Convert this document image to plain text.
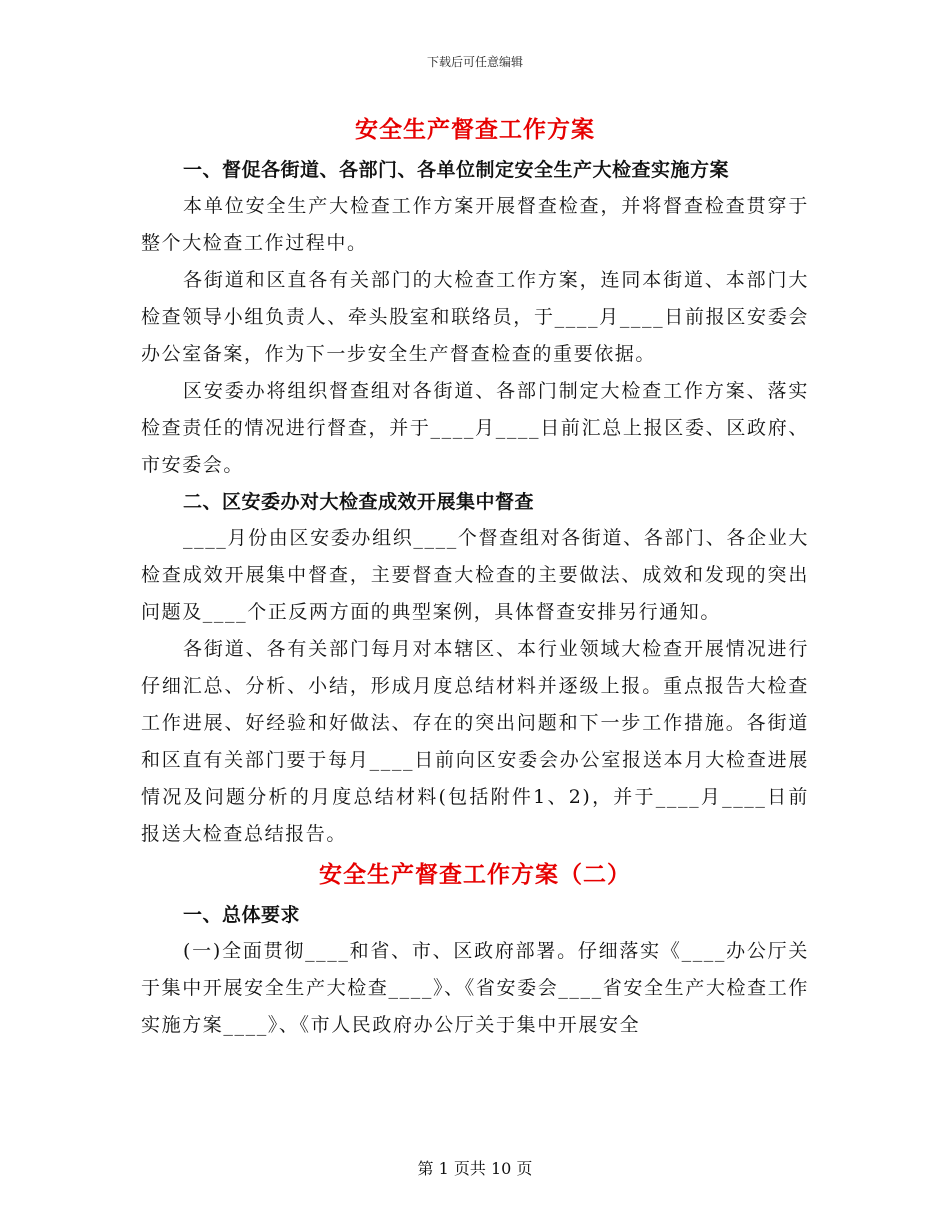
下载后可任意编辑
安全生产督查工作方案
一、督促各街道、各部门、各单位制定安全生产大检查实施方案

本单位安全生产大检查工作方案开展督查检查，并将督查检查贯穿于整个大检查工作过程中。

各街道和区直各有关部门的大检查工作方案，连同本街道、本部门大检查领导小组负责人、牵头股室和联络员，于____月____日前报区安委会办公室备案，作为下一步安全生产督查检查的重要依据。

区安委办将组织督查组对各街道、各部门制定大检查工作方案、落实检查责任的情况进行督查，并于____月____日前汇总上报区委、区政府、市安委会。

二、区安委办对大检查成效开展集中督查

____月份由区安委办组织____个督查组对各街道、各部门、各企业大检查成效开展集中督查，主要督查大检查的主要做法、成效和发现的突出问题及____个正反两方面的典型案例，具体督查安排另行通知。

各街道、各有关部门每月对本辖区、本行业领域大检查开展情况进行仔细汇总、分析、小结，形成月度总结材料并逐级上报。重点报告大检查工作进展、好经验和好做法、存在的突出问题和下一步工作措施。各街道和区直有关部门要于每月____日前向区安委会办公室报送本月大检查进展情况及问题分析的月度总结材料(包括附件1、2)，并于____月____日前报送大检查总结报告。

安全生产督查工作方案（二）
一、总体要求

(一)全面贯彻____和省、市、区政府部署。仔细落实《____办公厅关于集中开展安全生产大检查____》、《省安委会____省安全生产大检查工作实施方案____》、《市人民政府办公厅关于集中开展安全

第 1 页共 10 页
